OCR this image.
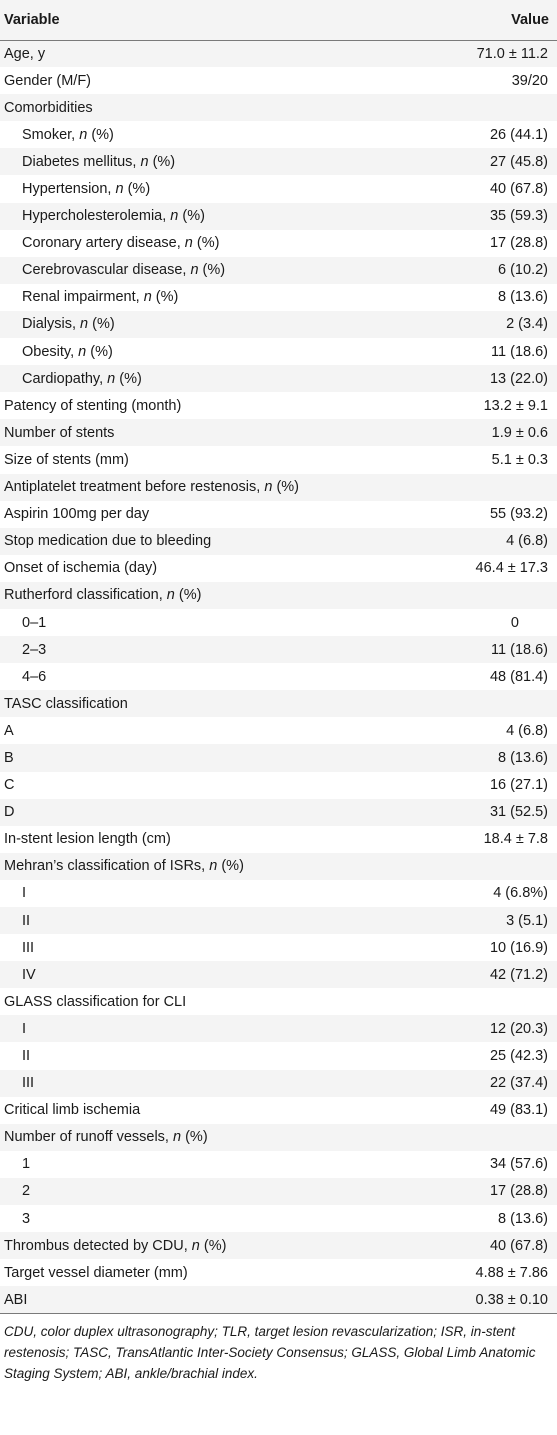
Variable	Value
Age, y	71.0 ± 11.2
Gender (M/F)	39/20
Comorbidities	
Smoker, n (%)	26 (44.1)
Diabetes mellitus, n (%)	27 (45.8)
Hypertension, n (%)	40 (67.8)
Hypercholesterolemia, n (%)	35 (59.3)
Coronary artery disease, n (%)	17 (28.8)
Cerebrovascular disease, n (%)	6 (10.2)
Renal impairment, n (%)	8 (13.6)
Dialysis, n (%)	2 (3.4)
Obesity, n (%)	11 (18.6)
Cardiopathy, n (%)	13 (22.0)
Patency of stenting (month)	13.2 ± 9.1
Number of stents	1.9 ± 0.6
Size of stents (mm)	5.1 ± 0.3
Antiplatelet treatment before restenosis, n (%)	
Aspirin 100mg per day	55 (93.2)
Stop medication due to bleeding	4 (6.8)
Onset of ischemia (day)	46.4 ± 17.3
Rutherford classification, n (%)	
0–1	0
2–3	11 (18.6)
4–6	48 (81.4)
TASC classification	
A	4 (6.8)
B	8 (13.6)
C	16 (27.1)
D	31 (52.5)
In-stent lesion length (cm)	18.4 ± 7.8
Mehran’s classification of ISRs, n (%)	
I	4 (6.8%)
II	3 (5.1)
III	10 (16.9)
IV	42 (71.2)
GLASS classification for CLI	
I	12 (20.3)
II	25 (42.3)
III	22 (37.4)
Critical limb ischemia	49 (83.1)
Number of runoff vessels, n (%)	
1	34 (57.6)
2	17 (28.8)
3	8 (13.6)
Thrombus detected by CDU, n (%)	40 (67.8)
Target vessel diameter (mm)	4.88 ± 7.86
ABI	0.38 ± 0.10
CDU, color duplex ultrasonography; TLR, target lesion revascularization; ISR, in-stent restenosis; TASC, TransAtlantic Inter-Society Consensus; GLASS, Global Limb Anatomic Staging System; ABI, ankle/brachial index.
